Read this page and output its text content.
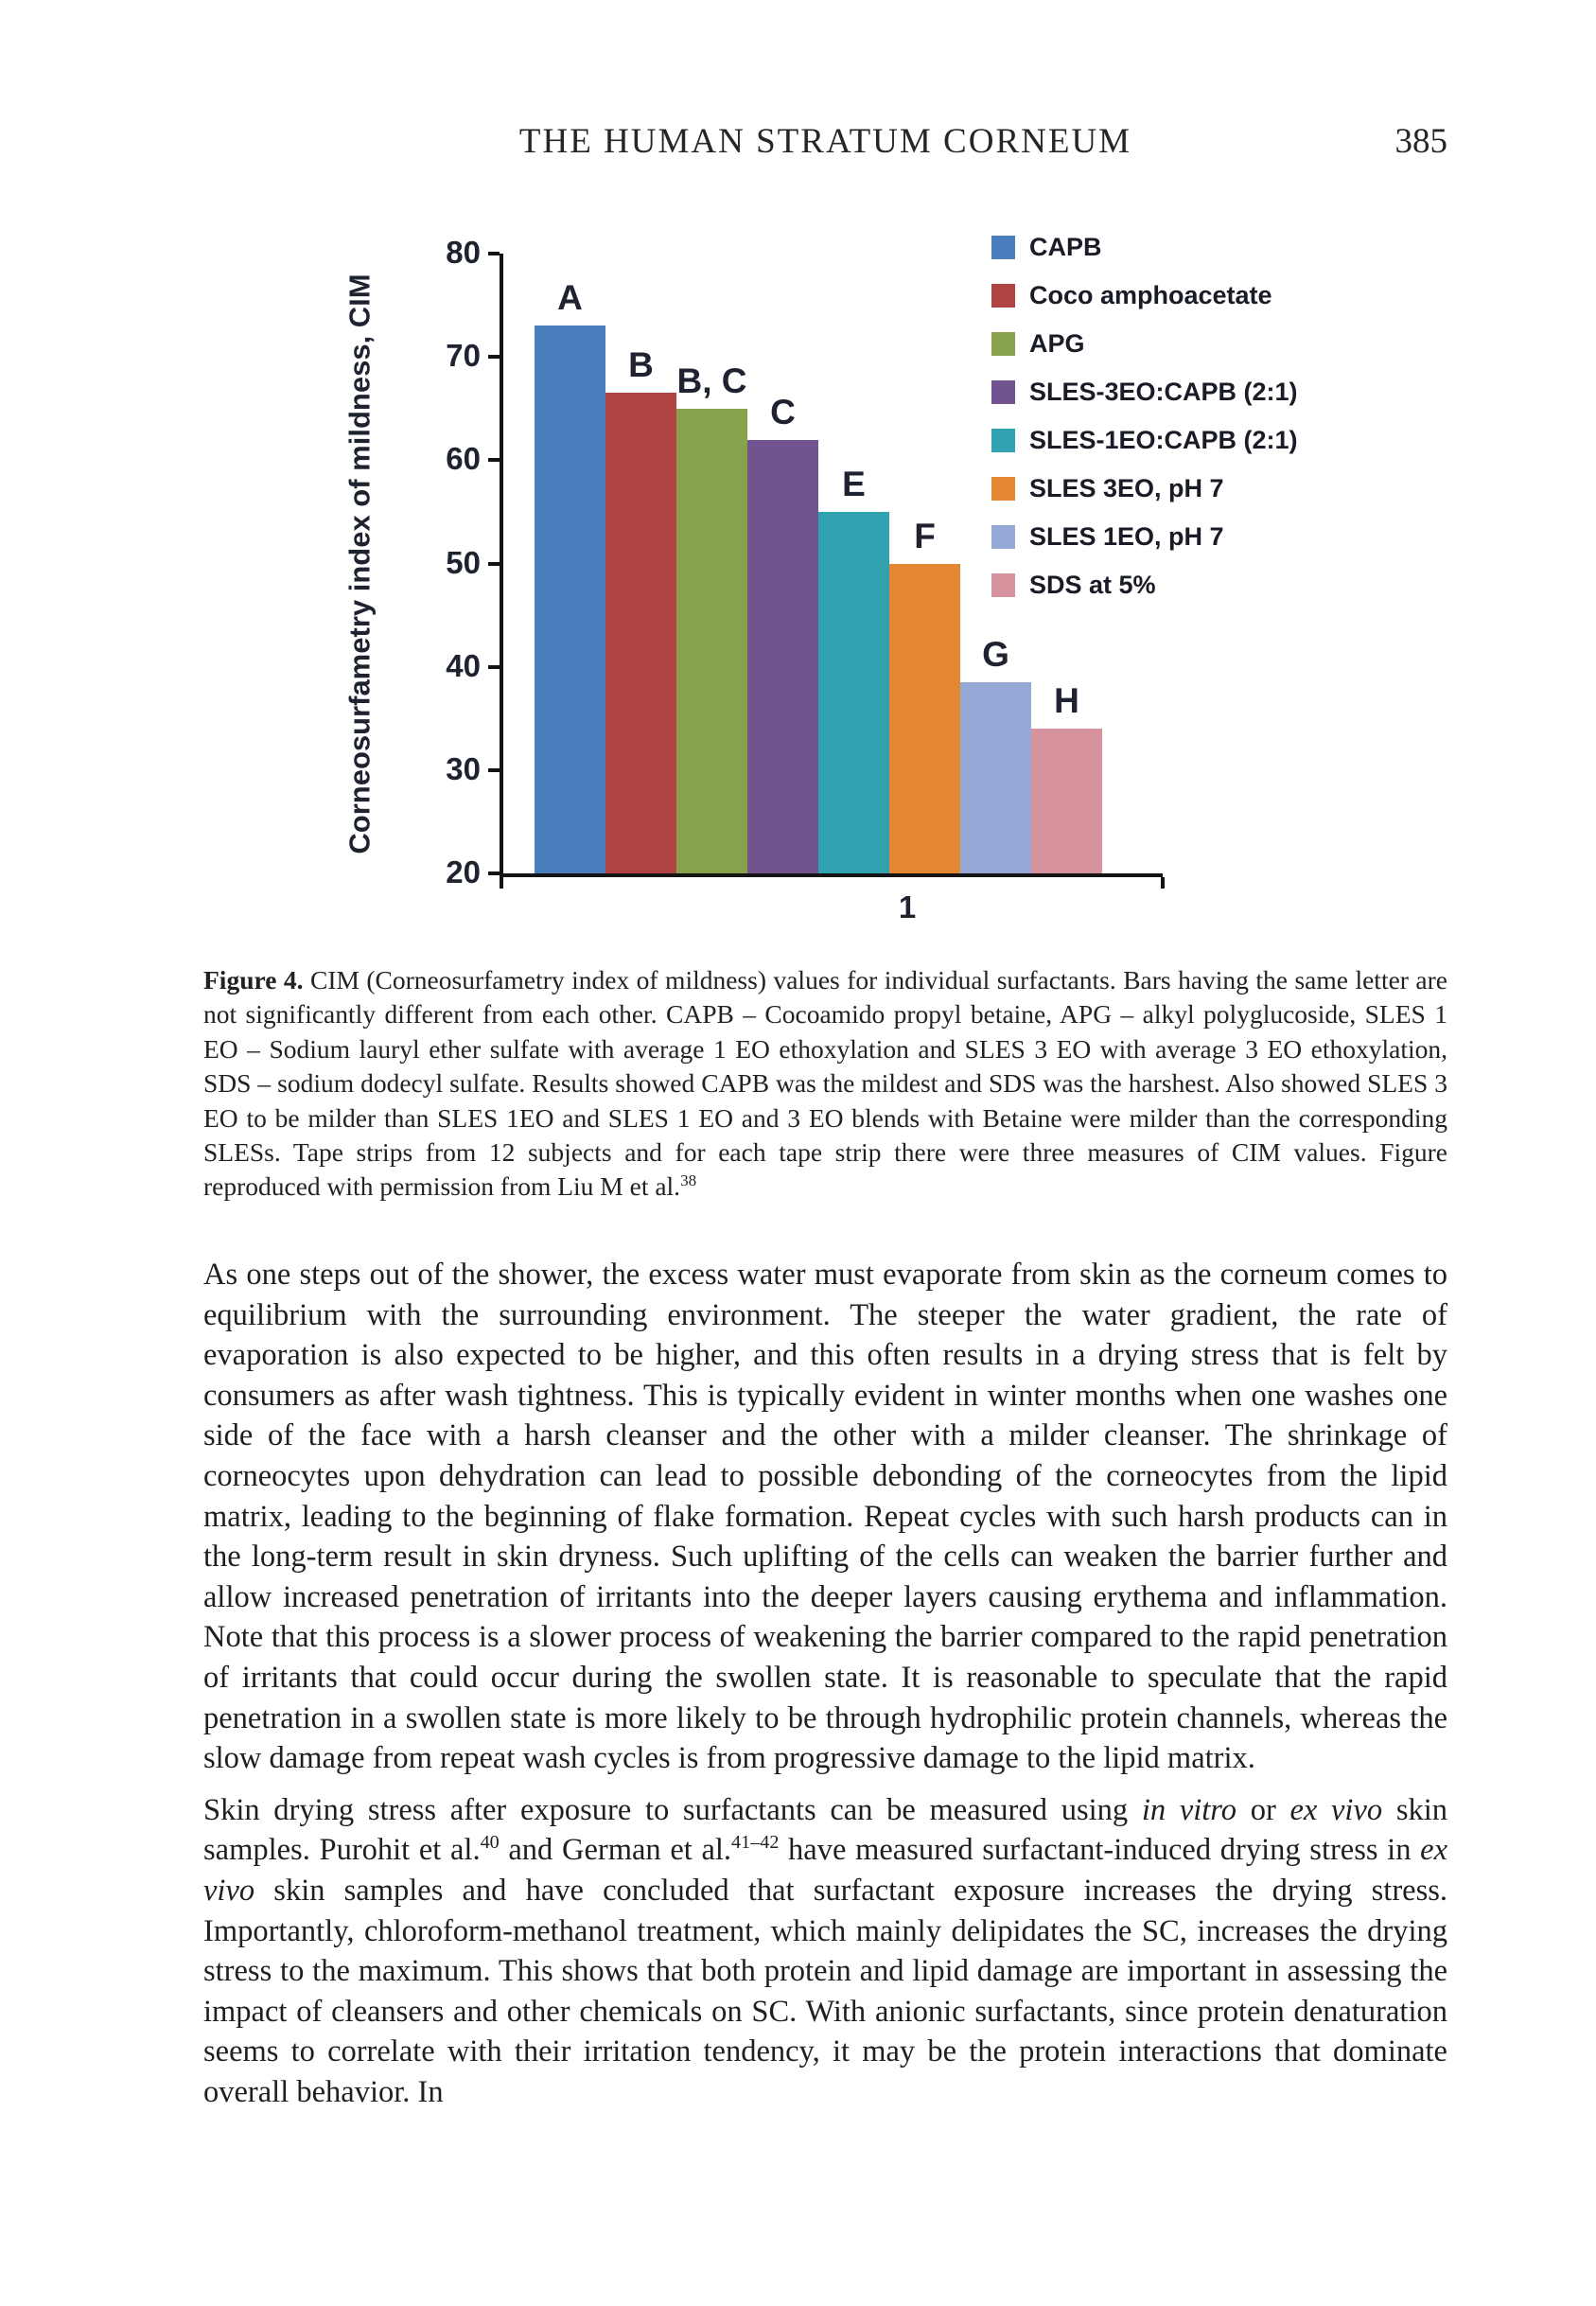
THE HUMAN STRATUM CORNEUM	385
Corneosurfametry index of mildness, CIM
20
30
40
50
60
70
80
A
B B, C
C
E
F
G
H
1
CAPB
Coco amphoacetate
APG
SLES-3EO:CAPB (2:1)
SLES-1EO:CAPB (2:1)
SLES 3EO, pH 7
SLES 1EO, pH 7
SDS at 5%
Figure 4. CIM (Corneosurfametry index of mildness) values for individual surfactants. Bars having the same letter are not significantly different from each other. CAPB – Cocoamido propyl betaine, APG – alkyl polyglucoside, SLES 1 EO – Sodium lauryl ether sulfate with average 1 EO ethoxylation and SLES 3 EO with average 3 EO ethoxylation, SDS – sodium dodecyl sulfate. Results showed CAPB was the mildest and SDS was the harshest. Also showed SLES 3 EO to be milder than SLES 1EO and SLES 1 EO and 3 EO blends with Betaine were milder than the corresponding SLESs. Tape strips from 12 subjects and for each tape strip there were three measures of CIM values. Figure reproduced with permission from Liu M et al.$^{38}$

As one steps out of the shower, the excess water must evaporate from skin as the corneum comes to equilibrium with the surrounding environment. The steeper the water gradient, the rate of evaporation is also expected to be higher, and this often results in a drying stress that is felt by consumers as after wash tightness. This is typically evident in winter months when one washes one side of the face with a harsh cleanser and the other with a milder cleanser. The shrinkage of corneocytes upon dehydration can lead to possible debonding of the corneocytes from the lipid matrix, leading to the beginning of flake formation. Repeat cycles with such harsh products can in the long-term result in skin dryness. Such uplifting of the cells can weaken the barrier further and allow increased penetration of irritants into the deeper layers causing erythema and inflammation. Note that this process is a slower process of weakening the barrier compared to the rapid penetration of irritants that could occur during the swollen state. It is reasonable to speculate that the rapid penetration in a swollen state is more likely to be through hydrophilic protein channels, whereas the slow damage from repeat wash cycles is from progressive damage to the lipid matrix.

Skin drying stress after exposure to surfactants can be measured using in vitro or ex vivo skin samples. Purohit et al.$^{40}$ and German et al.$^{41-42}$ have measured surfactant-induced drying stress in ex vivo skin samples and have concluded that surfactant exposure increases the drying stress. Importantly, chloroform-methanol treatment, which mainly delipidates the SC, increases the drying stress to the maximum. This shows that both protein and lipid damage are important in assessing the impact of cleansers and other chemicals on SC. With anionic surfactants, since protein denaturation seems to correlate with their irritation tendency, it may be the protein interactions that dominate overall behavior. In
